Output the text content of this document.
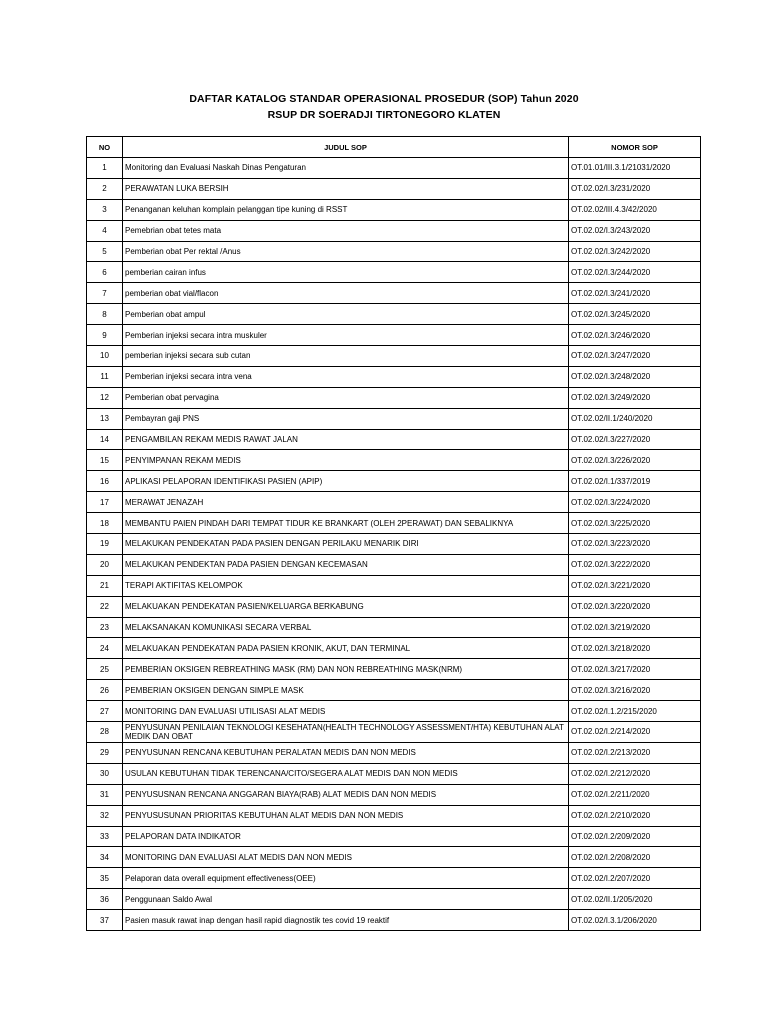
DAFTAR KATALOG STANDAR OPERASIONAL PROSEDUR (SOP) Tahun 2020
RSUP DR SOERADJI TIRTONEGORO KLATEN
NO	JUDUL SOP	NOMOR SOP
1	Monitoring dan Evaluasi Naskah Dinas Pengaturan	OT.01.01/III.3.1/21031/2020
2	PERAWATAN LUKA BERSIH	OT.02.02/I.3/231/2020
3	Penanganan keluhan komplain pelanggan tipe kuning di RSST	OT.02.02/III.4.3/42/2020
4	Pemebrian obat tetes mata	OT.02.02/I.3/243/2020
5	Pemberian obat Per rektal /Anus	OT.02.02/I.3/242/2020
6	pemberian cairan infus	OT.02.02/I.3/244/2020
7	pemberian obat vial/flacon	OT.02.02/I.3/241/2020
8	Pemberian obat ampul	OT.02.02/I.3/245/2020
9	Pemberian injeksi secara intra muskuler	OT.02.02/I.3/246/2020
10	pemberian injeksi secara sub cutan	OT.02.02/I.3/247/2020
11	Pemberian injeksi secara intra vena	OT.02.02/I.3/248/2020
12	Pemberian obat pervagina	OT.02.02/I.3/249/2020
13	Pembayran gaji PNS	OT.02.02/II.1/240/2020
14	PENGAMBILAN REKAM MEDIS RAWAT JALAN	OT.02.02/I.3/227/2020
15	PENYIMPANAN REKAM MEDIS	OT.02.02/I.3/226/2020
16	APLIKASI PELAPORAN IDENTIFIKASI PASIEN (APIP)	OT.02.02/I.1/337/2019
17	MERAWAT JENAZAH	OT.02.02/I.3/224/2020
18	MEMBANTU PAIEN PINDAH DARI TEMPAT TIDUR KE BRANKART (OLEH 2PERAWAT) DAN SEBALIKNYA	OT.02.02/I.3/225/2020
19	MELAKUKAN PENDEKATAN PADA PASIEN DENGAN PERILAKU MENARIK DIRI	OT.02.02/I.3/223/2020
20	MELAKUKAN PENDEKTAN PADA PASIEN DENGAN KECEMASAN	OT.02.02/I.3/222/2020
21	TERAPI AKTIFITAS KELOMPOK	OT.02.02/I.3/221/2020
22	MELAKUAKAN PENDEKATAN PASIEN/KELUARGA BERKABUNG	OT.02.02/I.3/220/2020
23	MELAKSANAKAN KOMUNIKASI SECARA VERBAL	OT.02.02/I.3/219/2020
24	MELAKUAKAN PENDEKATAN PADA PASIEN KRONIK, AKUT, DAN TERMINAL	OT.02.02/I.3/218/2020
25	PEMBERIAN OKSIGEN REBREATHING MASK (RM) DAN NON REBREATHING MASK(NRM)	OT.02.02/I.3/217/2020
26	PEMBERIAN OKSIGEN DENGAN SIMPLE MASK	OT.02.02/I.3/216/2020
27	MONITORING DAN EVALUASI UTILISASI ALAT MEDIS	OT.02.02/I.1.2/215/2020
28	PENYUSUNAN PENILAIAN TEKNOLOGI KESEHATAN(HEALTH TECHNOLOGY ASSESSMENT/HTA) KEBUTUHAN ALAT MEDIK DAN OBAT	OT.02.02/I.2/214/2020
29	PENYUSUNAN RENCANA KEBUTUHAN PERALATAN MEDIS DAN NON MEDIS	OT.02.02/I.2/213/2020
30	USULAN KEBUTUHAN TIDAK TERENCANA/CITO/SEGERA ALAT MEDIS DAN NON MEDIS	OT.02.02/I.2/212/2020
31	PENYUSUSNAN RENCANA ANGGARAN BIAYA(RAB) ALAT MEDIS DAN NON MEDIS	OT.02.02/I.2/211/2020
32	PENYUSUSUNAN PRIORITAS KEBUTUHAN ALAT MEDIS DAN NON MEDIS	OT.02.02/I.2/210/2020
33	PELAPORAN DATA INDIKATOR	OT.02.02/I.2/209/2020
34	MONITORING DAN EVALUASI ALAT MEDIS DAN NON MEDIS	OT.02.02/I.2/208/2020
35	Pelaporan data overall equipment effectiveness(OEE)	OT.02.02/I.2/207/2020
36	Penggunaan Saldo Awal	OT.02.02/II.1/205/2020
37	Pasien masuk rawat inap dengan hasil rapid diagnostik tes covid 19 reaktif	OT.02.02/I.3.1/206/2020
